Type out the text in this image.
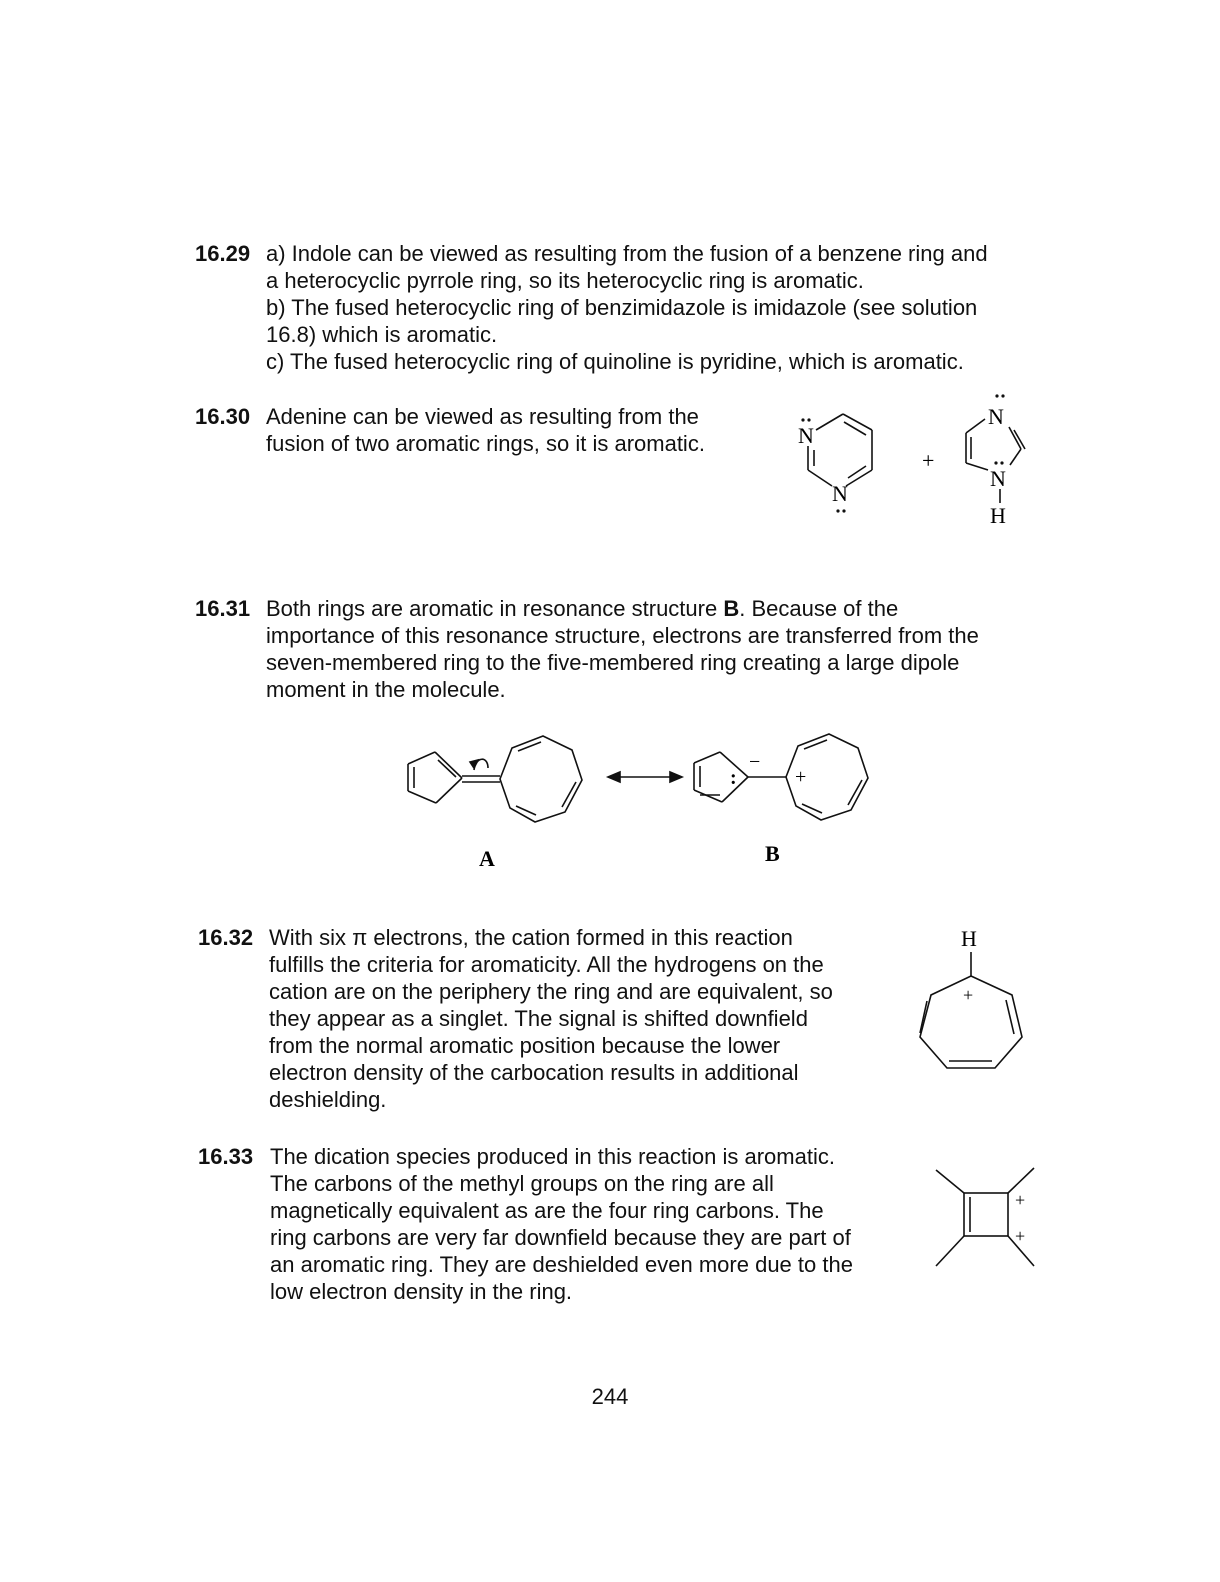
16.29 a) Indole can be viewed as resulting from the fusion of a benzene ring and
a heterocyclic pyrrole ring, so its heterocyclic ring is aromatic.
b) The fused heterocyclic ring of benzimidazole is imidazole (see solution
16.8) which is aromatic.
c) The fused heterocyclic ring of quinoline is pyridine, which is aromatic.
16.30 Adenine can be viewed as resulting from the
fusion of two aromatic rings, so it is aromatic.	N
N
+
N
N
H
16.31 Both rings are aromatic in resonance structure B. Because of the
importance of this resonance structure, electrons are transferred from the
seven-membered ring to the five-membered ring creating a large dipole
moment in the molecule.
:
−
+
A	B
16.32 With six π electrons, the cation formed in this reaction
fulfills the criteria for aromaticity. All the hydrogens on the
cation are on the periphery the ring and are equivalent, so
they appear as a singlet. The signal is shifted downfield
from the normal aromatic position because the lower
electron density of the carbocation results in additional
deshielding.
H
+
16.33 The dication species produced in this reaction is aromatic.
The carbons of the methyl groups on the ring are all
magnetically equivalent as are the four ring carbons. The
ring carbons are very far downfield because they are part of
an aromatic ring. They are deshielded even more due to the
low electron density in the ring.
+
+
244
